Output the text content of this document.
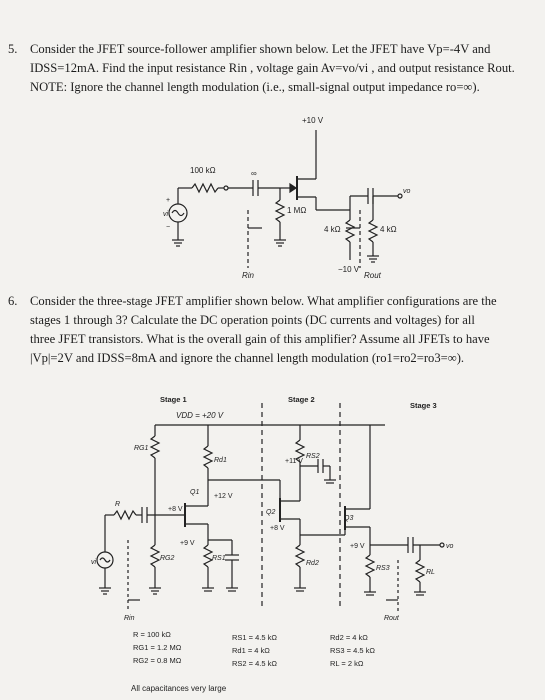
5. Consider the JFET source-follower amplifier shown below. Let the JFET have Vp=-4V and
IDSS=12mA. Find the input resistance Rin , voltage gain Av=vo/vi , and output resistance Rout.
NOTE: Ignore the channel length modulation (i.e., small-signal output impedance ro=∞).
6. Consider the three-stage JFET amplifier shown below. What amplifier configurations are the
stages 1 through 3? Calculate the DC operation points (DC currents and voltages) for all
three JFET transistors. What is the overall gain of this amplifier? Assume all JFETs to have
|Vp|=2V and IDSS=8mA and ignore the channel length modulation (ro1=ro2=ro3=∞).
+10 V
100 kΩ	∞
1 MΩ
4 kΩ	4 kΩ
−10 V
Rin	Rout
vi
vo
+
−
Stage 1	Stage 2
Stage 3
VDD = +20 V
Rd1
RS2
RG1
Q1
Q2
Q3
+12 V
+11 V
+8 V
+9 V
+8 V
+9 V
R
RG2	RS1
Rd2
RS3
RL
Rin	Rout
vi
vo
R = 100 kΩ
RG1 = 1.2 MΩ
RG2 = 0.8 MΩ
RS1 = 4.5 kΩ
Rd1 = 4 kΩ
RS2 = 4.5 kΩ
Rd2 = 4 kΩ
RS3 = 4.5 kΩ
RL = 2 kΩ
All capacitances very large
